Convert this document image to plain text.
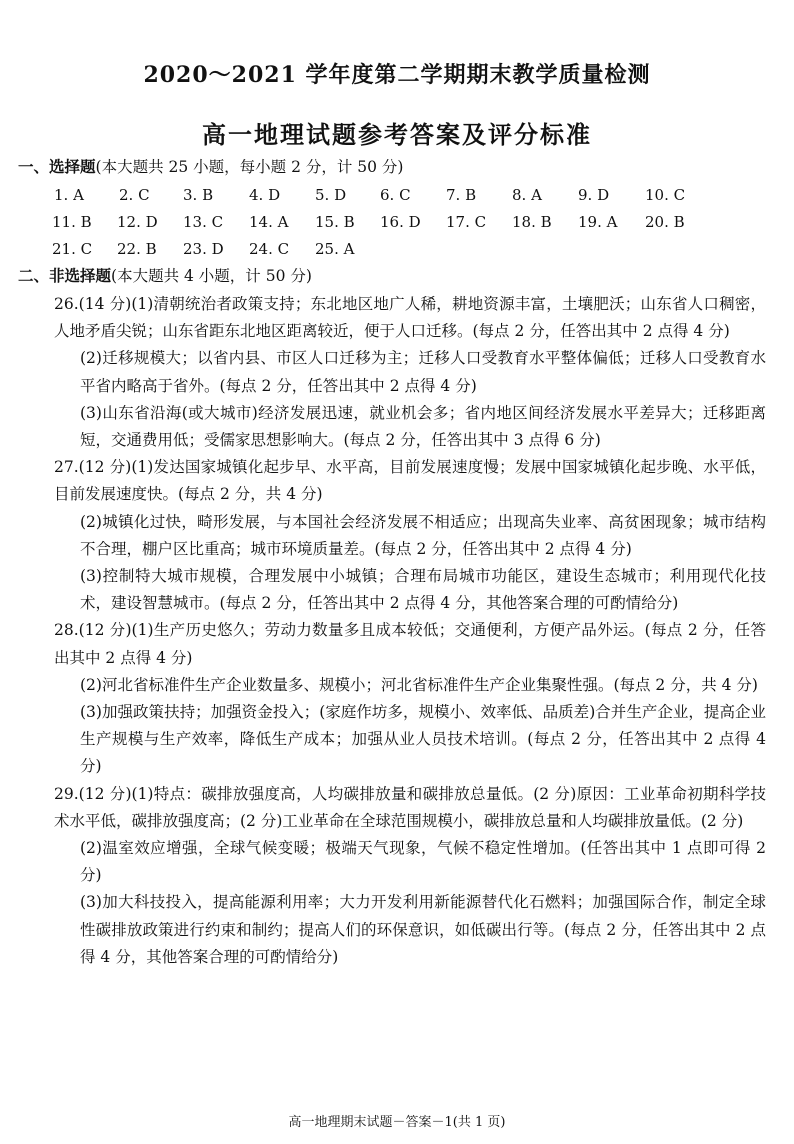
2020～2021 学年度第二学期期末教学质量检测
高一地理试题参考答案及评分标准
一、选择题(本大题共 25 小题，每小题 2 分，计 50 分)
1. A 2. C 3. B 4. D 5. D 6. C 7. B 8. A 9. D 10. C
11. B 12. D 13. C 14. A 15. B 16. D 17. C 18. B 19. A 20. B
21. C 22. B 23. D 24. C 25. A
二、非选择题(本大题共 4 小题，计 50 分)

26.(14 分)(1)清朝统治者政策支持；东北地区地广人稀，耕地资源丰富，土壤肥沃；山东省人口稠密，人地矛盾尖锐；山东省距东北地区距离较近，便于人口迁移。(每点 2 分，任答出其中 2 点得 4 分)

(2)迁移规模大；以省内县、市区人口迁移为主；迁移人口受教育水平整体偏低；迁移人口受教育水平省内略高于省外。(每点 2 分，任答出其中 2 点得 4 分)

(3)山东省沿海(或大城市)经济发展迅速，就业机会多；省内地区间经济发展水平差异大；迁移距离短，交通费用低；受儒家思想影响大。(每点 2 分，任答出其中 3 点得 6 分)

27.(12 分)(1)发达国家城镇化起步早、水平高，目前发展速度慢；发展中国家城镇化起步晚、水平低，目前发展速度快。(每点 2 分，共 4 分)

(2)城镇化过快，畸形发展，与本国社会经济发展不相适应；出现高失业率、高贫困现象；城市结构不合理，棚户区比重高；城市环境质量差。(每点 2 分，任答出其中 2 点得 4 分)

(3)控制特大城市规模，合理发展中小城镇；合理布局城市功能区，建设生态城市；利用现代化技术，建设智慧城市。(每点 2 分，任答出其中 2 点得 4 分，其他答案合理的可酌情给分)

28.(12 分)(1)生产历史悠久；劳动力数量多且成本较低；交通便利，方便产品外运。(每点 2 分，任答出其中 2 点得 4 分)

(2)河北省标准件生产企业数量多、规模小；河北省标准件生产企业集聚性强。(每点 2 分，共 4 分)

(3)加强政策扶持；加强资金投入；(家庭作坊多，规模小、效率低、品质差)合并生产企业，提高企业生产规模与生产效率，降低生产成本；加强从业人员技术培训。(每点 2 分，任答出其中 2 点得 4 分)

29.(12 分)(1)特点：碳排放强度高，人均碳排放量和碳排放总量低。(2 分)原因：工业革命初期科学技术水平低，碳排放强度高；(2 分)工业革命在全球范围规模小，碳排放总量和人均碳排放量低。(2 分)

(2)温室效应增强，全球气候变暖；极端天气现象，气候不稳定性增加。(任答出其中 1 点即可得 2 分)

(3)加大科技投入，提高能源利用率；大力开发利用新能源替代化石燃料；加强国际合作，制定全球性碳排放政策进行约束和制约；提高人们的环保意识，如低碳出行等。(每点 2 分，任答出其中 2 点得 4 分，其他答案合理的可酌情给分)

高一地理期末试题－答案－1(共 1 页)
